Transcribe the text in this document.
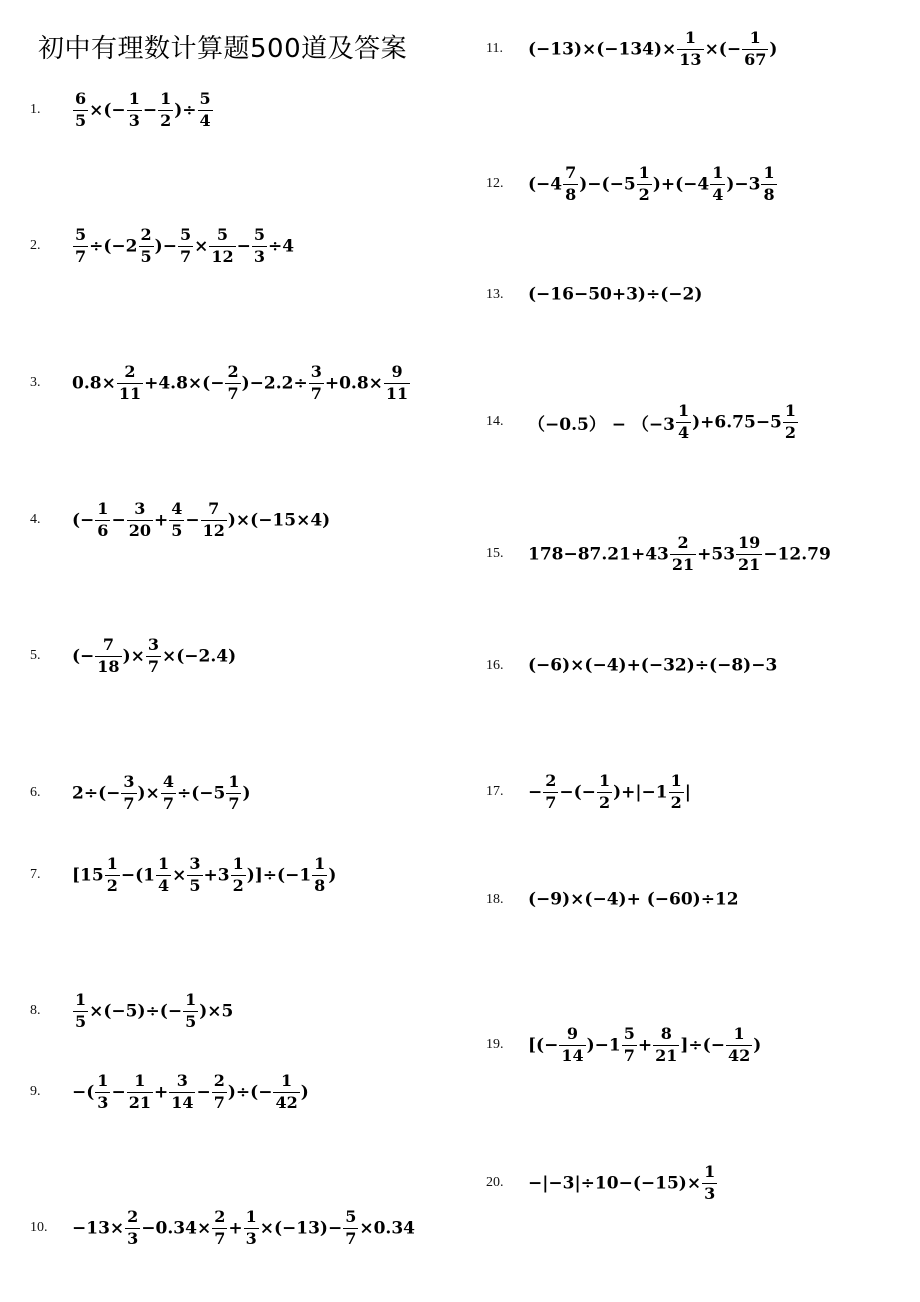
初中有理数计算题500道及答案
1. $\frac{6}{5}$ ×(− $\frac{1}{3} - \frac{1}{2}$ )÷ $\frac{5}{4}$
2. $\frac{5}{7} \div(-2 \frac{2}{5}$ )− $\frac{5}{7} \times \frac{5}{12} - \frac{5}{3} \div 4$
3. $0.8\times \frac{2}{11} +4.8\times(- \frac{2}{7} )-2.2\div \frac{3}{7} +0.8\times \frac{9}{11}$
4. (− $\frac{1}{6} - \frac{3}{20} + \frac{4}{5} - \frac{7}{12} )\times(-15\times 4)$
5. (− $\frac{7}{18}$ )× $\frac{3}{7} \times(-2.4)$
6. $2\div(- \frac{3}{7}$ )× $\frac{4}{7} \div(-5 \frac{1}{7}$ )
7. $[15 \frac{1}{2} -(1 \frac{1}{4} \times \frac{3}{5} +3 \frac{1}{2} )]\div(-1 \frac{1}{8}$ )
8. $\frac{1}{5} \times(-5)\div(- \frac{1}{5} )\times 5$
9. −( $\frac{1}{3} - \frac{1}{21} + \frac{3}{14} - \frac{2}{7}$ )÷(− $\frac{1}{42}$ )
10. $-13\times \frac{2}{3} -0.34\times \frac{2}{7} + \frac{1}{3} \times(-13)- \frac{5}{7} \times 0.34$
11. $(-13)\times(-134)\times \frac{1}{13}$ ×(− $\frac{1}{67}$ )
12. $(-4 \frac{7}{8} )-(-5 \frac{1}{2} )+(-4 \frac{1}{4} )-3 \frac{1}{8}$
13. (−16−50+3)÷(−2)
14. $(-0.5) - (-3 \frac{1}{4} )+6.75-5 \frac{1}{2}$
15. $178-87.21+43 \frac{2}{21} +53 \frac{19}{21} -12.79$
16. (−6)×(−4)+(−32)÷(−8)−3
17. − $\frac{2}{7}$ −(− $\frac{1}{2} )+|-1 \frac{1}{2}$ |
18. (−9)×(−4)+ (−60)÷12
19. [(− $\frac{9}{14} )-1 \frac{5}{7} + \frac{8}{21}$ ]÷(− $\frac{1}{42}$ )
20. $-|-3|\div 10-(-15)\times \frac{1}{3}$
